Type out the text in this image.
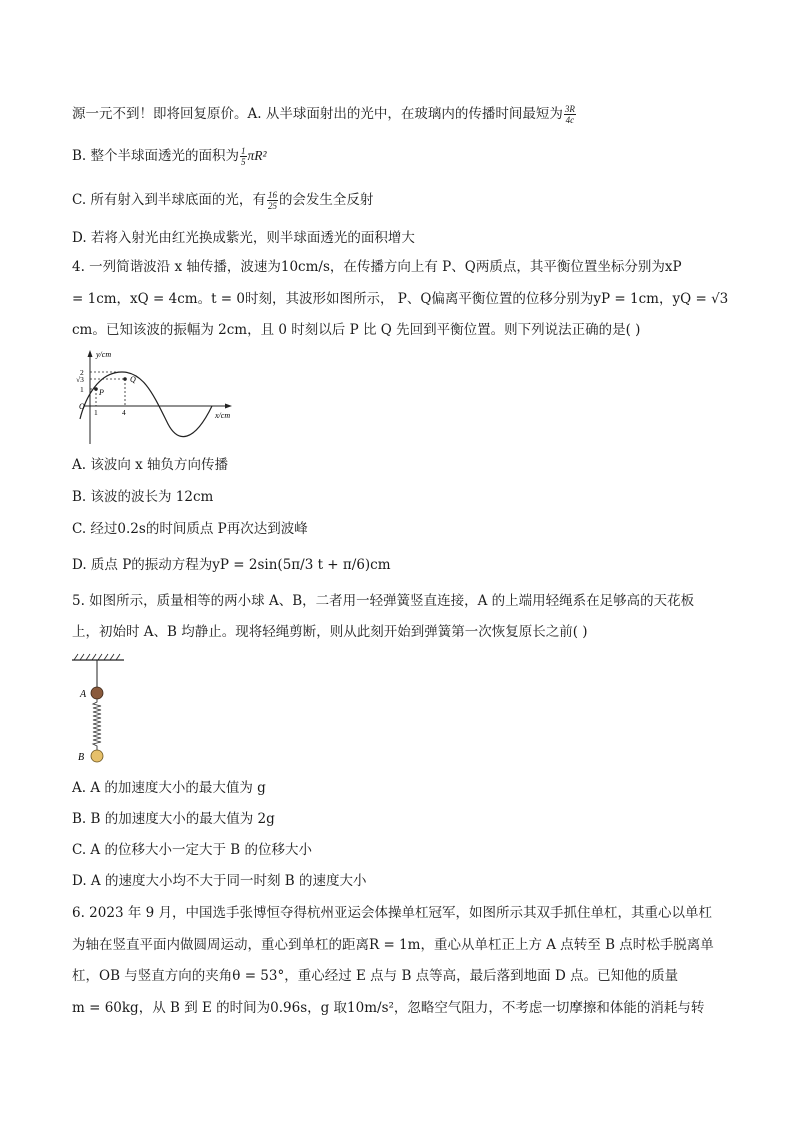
源一元不到！即将回复原价。A. 从半球面射出的光中，在玻璃内的传播时间最短为 $\frac{3R}{4c}$
B. 整个半球面透光的面积为 $\frac{1}{5} \pi R^2$
C. 所有射入到半球底面的光，有 $\frac{16}{25}$ 的会发生全反射
D. 若将入射光由红光换成紫光，则半球面透光的面积增大
4. 一列简谐波沿 x 轴传播，波速为10cm/s，在传播方向上有 P、Q两质点，其平衡位置坐标分别为xP
= 1cm，xQ = 4cm。t = 0时刻，其波形如图所示， P、Q偏离平衡位置的位移分别为yP = 1cm，yQ = √3
cm。已知该波的振幅为 2cm，且 0 时刻以后 P 比 Q 先回到平衡位置。则下列说法正确的是( )
y/cm
x/cm
2
√3
1
O
1	4
P
Q
A. 该波向 x 轴负方向传播
B. 该波的波长为 12cm
C. 经过0.2s的时间质点 P再次达到波峰
D. 质点 P的振动方程为yP = 2sin(5π/3 t + π/6)cm
5. 如图所示，质量相等的两小球 A、B，二者用一轻弹簧竖直连接，A 的上端用轻绳系在足够高的天花板
上，初始时 A、B 均静止。现将轻绳剪断，则从此刻开始到弹簧第一次恢复原长之前( )
A
B
A. A 的加速度大小的最大值为 g
B. B 的加速度大小的最大值为 2g
C. A 的位移大小一定大于 B 的位移大小
D. A 的速度大小均不大于同一时刻 B 的速度大小
6. 2023 年 9 月，中国选手张博恒夺得杭州亚运会体操单杠冠军，如图所示其双手抓住单杠，其重心以单杠
为轴在竖直平面内做圆周运动，重心到单杠的距离R = 1m，重心从单杠正上方 A 点转至 B 点时松手脱离单
杠，OB 与竖直方向的夹角θ = 53°，重心经过 E 点与 B 点等高，最后落到地面 D 点。已知他的质量
m = 60kg，从 B 到 E 的时间为0.96s，g 取10m/s²，忽略空气阻力，不考虑一切摩擦和体能的消耗与转
